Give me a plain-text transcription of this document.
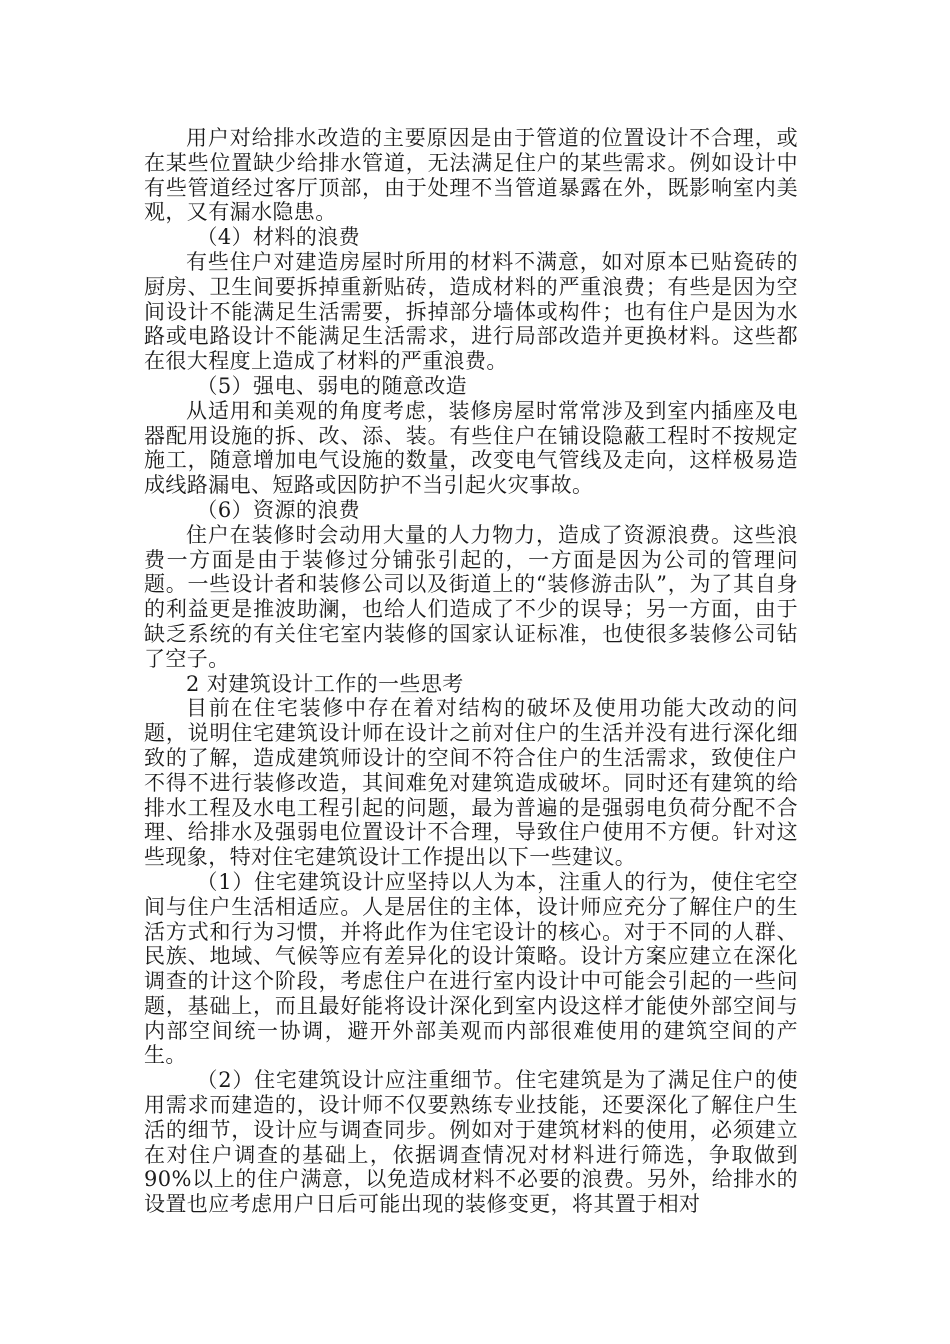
用户对给排水改造的主要原因是由于管道的位置设计不合理，或在某些位置缺少给排水管道，无法满足住户的某些需求。例如设计中有些管道经过客厅顶部，由于处理不当管道暴露在外，既影响室内美观，又有漏水隐患。

（4）材料的浪费

有些住户对建造房屋时所用的材料不满意，如对原本已贴瓷砖的厨房、卫生间要拆掉重新贴砖，造成材料的严重浪费；有些是因为空间设计不能满足生活需要，拆掉部分墙体或构件；也有住户是因为水路或电路设计不能满足生活需求，进行局部改造并更换材料。这些都在很大程度上造成了材料的严重浪费。

（5）强电、弱电的随意改造

从适用和美观的角度考虑，装修房屋时常常涉及到室内插座及电器配用设施的拆、改、添、装。有些住户在铺设隐蔽工程时不按规定施工，随意增加电气设施的数量，改变电气管线及走向，这样极易造成线路漏电、短路或因防护不当引起火灾事故。

（6）资源的浪费

住户在装修时会动用大量的人力物力，造成了资源浪费。这些浪费一方面是由于装修过分铺张引起的，一方面是因为公司的管理问题。一些设计者和装修公司以及街道上的“装修游击队”，为了其自身的利益更是推波助澜，也给人们造成了不少的误导；另一方面，由于缺乏系统的有关住宅室内装修的国家认证标准，也使很多装修公司钻了空子。

2 对建筑设计工作的一些思考

目前在住宅装修中存在着对结构的破坏及使用功能大改动的问题，说明住宅建筑设计师在设计之前对住户的生活并没有进行深化细致的了解，造成建筑师设计的空间不符合住户的生活需求，致使住户不得不进行装修改造，其间难免对建筑造成破坏。同时还有建筑的给排水工程及水电工程引起的问题，最为普遍的是强弱电负荷分配不合理、给排水及强弱电位置设计不合理，导致住户使用不方便。针对这些现象，特对住宅建筑设计工作提出以下一些建议。

（1）住宅建筑设计应坚持以人为本，注重人的行为，使住宅空间与住户生活相适应。人是居住的主体，设计师应充分了解住户的生活方式和行为习惯，并将此作为住宅设计的核心。对于不同的人群、民族、地域、气候等应有差异化的设计策略。设计方案应建立在深化调查的计这个阶段，考虑住户在进行室内设计中可能会引起的一些问题，基础上，而且最好能将设计深化到室内设这样才能使外部空间与内部空间统一协调，避开外部美观而内部很难使用的建筑空间的产生。

（2）住宅建筑设计应注重细节。住宅建筑是为了满足住户的使用需求而建造的，设计师不仅要熟练专业技能，还要深化了解住户生活的细节，设计应与调查同步。例如对于建筑材料的使用，必须建立在对住户调查的基础上，依据调查情况对材料进行筛选，争取做到 90%以上的住户满意，以免造成材料不必要的浪费。另外，给排水的设置也应考虑用户日后可能出现的装修变更，将其置于相对
